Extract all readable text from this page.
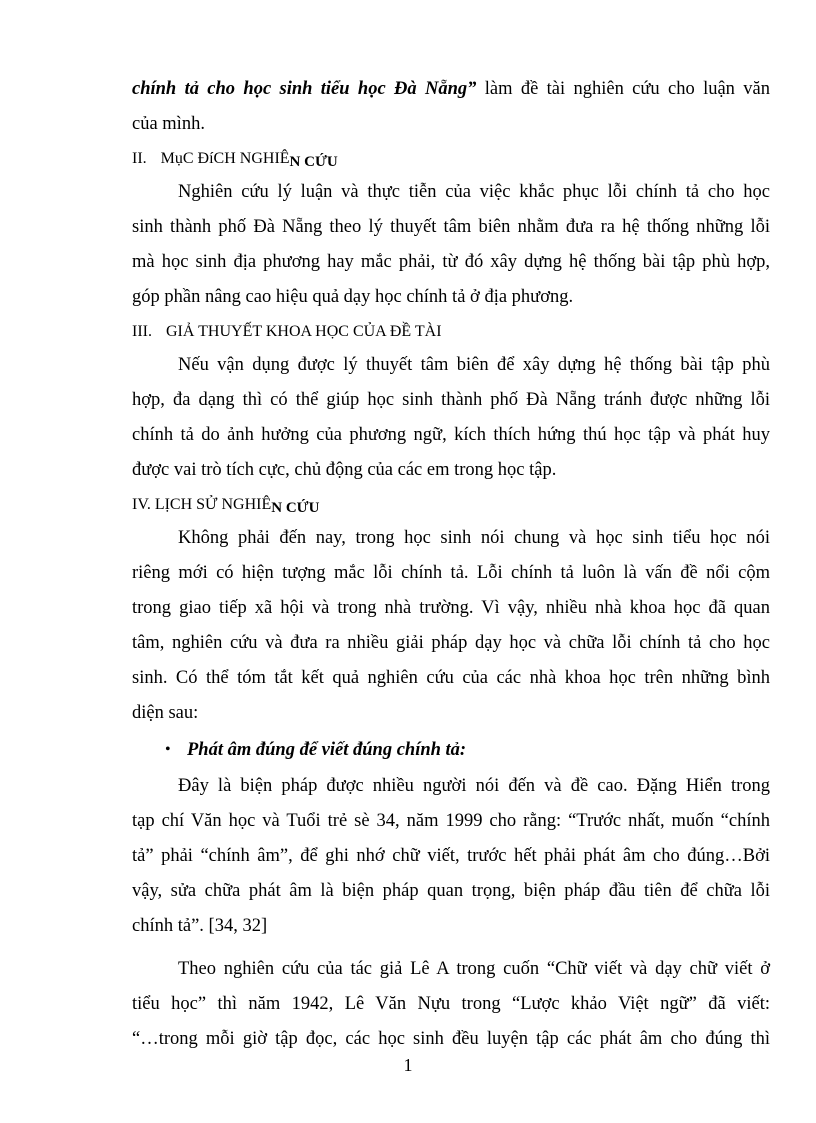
chính tả cho học sinh tiểu học Đà Nẵng” làm đề tài nghiên cứu cho luận văn
của mình.
II. MụC ĐíCH NGHIÊN CỨU
Nghiên cứu lý luận và thực tiễn của việc khắc phục lỗi chính tả cho học
sinh thành phố Đà Nẵng theo lý thuyết tâm biên nhằm đưa ra hệ thống những lỗi
mà học sinh địa phương hay mắc phải, từ đó xây dựng hệ thống bài tập phù hợp,
góp phần nâng cao hiệu quả dạy học chính tả ở địa phương.
III. GIẢ THUYẾT KHOA HỌC CỦA ĐỀ TÀI
Nếu vận dụng được lý thuyết tâm biên để xây dựng hệ thống bài tập phù
hợp, đa dạng thì có thể giúp học sinh thành phố Đà Nẵng tránh được những lỗi
chính tả do ảnh hưởng của phương ngữ, kích thích hứng thú học tập và phát huy
được vai trò tích cực, chủ động của các em trong học tập.
IV. LỊCH SỬ NGHIÊN CỨU
Không phải đến nay, trong học sinh nói chung và học sinh tiểu học nói
riêng mới có hiện tượng mắc lỗi chính tả. Lỗi chính tả luôn là vấn đề nổi cộm
trong giao tiếp xã hội và trong nhà trường. Vì vậy, nhiều nhà khoa học đã quan
tâm, nghiên cứu và đưa ra nhiều giải pháp dạy học và chữa lỗi chính tả cho học
sinh. Có thể tóm tắt kết quả nghiên cứu của các nhà khoa học trên những bình
diện sau:
• Phát âm đúng để viết đúng chính tả:
Đây là biện pháp được nhiều người nói đến và đề cao. Đặng Hiển trong
tạp chí Văn học và Tuổi trẻ sè 34, năm 1999 cho rằng: “Trước nhất, muốn “chính
tả” phải “chính âm”, để ghi nhớ chữ viết, trước hết phải phát âm cho đúng…Bởi
vậy, sửa chữa phát âm là biện pháp quan trọng, biện pháp đầu tiên để chữa lỗi
chính tả”. [34, 32]
Theo nghiên cứu của tác giả Lê A trong cuốn “Chữ viết và dạy chữ viết ở
tiểu học” thì năm 1942, Lê Văn Nựu trong “Lược khảo Việt ngữ” đã viết:
“…trong mỗi giờ tập đọc, các học sinh đều luyện tập các phát âm cho đúng thì
1
